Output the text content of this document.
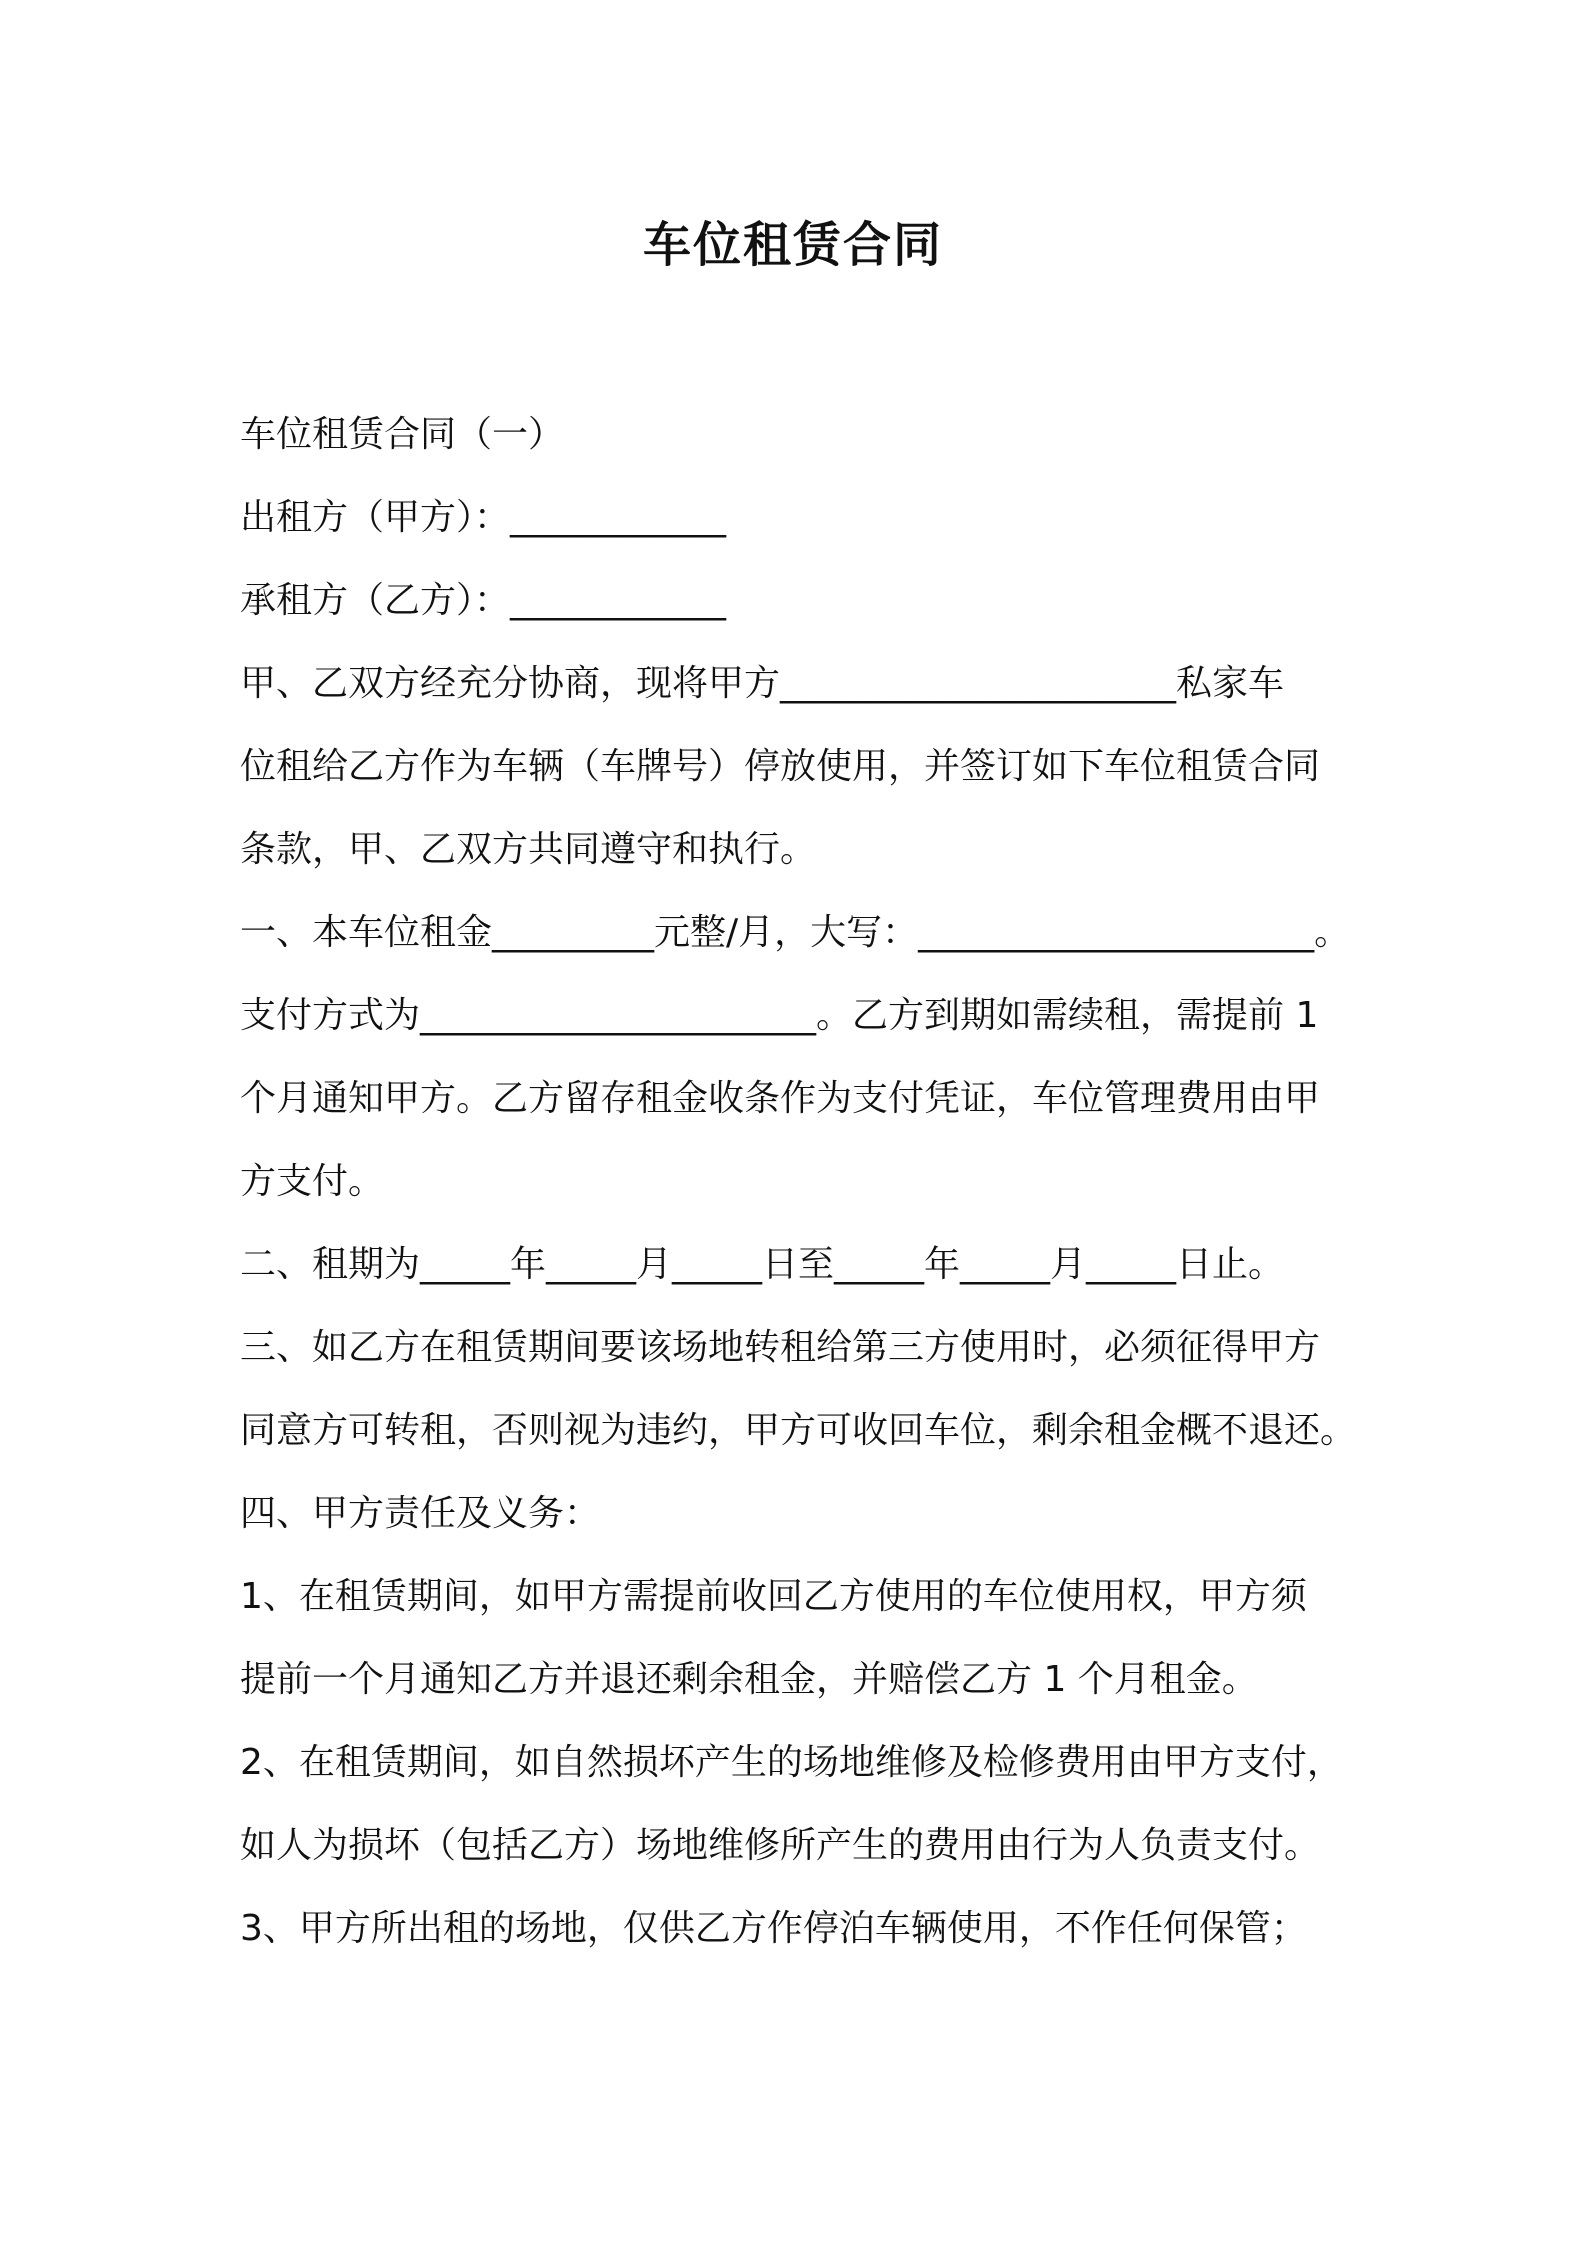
车位租赁合同
车位租赁合同（一）
出租方（甲方）：____________
承租方（乙方）：____________
甲、乙双方经充分协商，现将甲方______________________私家车
位租给乙方作为车辆（车牌号）停放使用，并签订如下车位租赁合同
条款，甲、乙双方共同遵守和执行。
一、本车位租金_________元整/月，大写：______________________。
支付方式为______________________。乙方到期如需续租，需提前 1
个月通知甲方。乙方留存租金收条作为支付凭证，车位管理费用由甲
方支付。
二、租期为_____年_____月_____日至_____年_____月_____日止。
三、如乙方在租赁期间要该场地转租给第三方使用时，必须征得甲方
同意方可转租，否则视为违约，甲方可收回车位，剩余租金概不退还。
四、甲方责任及义务：
1、在租赁期间，如甲方需提前收回乙方使用的车位使用权，甲方须
提前一个月通知乙方并退还剩余租金，并赔偿乙方 1 个月租金。
2、在租赁期间，如自然损坏产生的场地维修及检修费用由甲方支付，
如人为损坏（包括乙方）场地维修所产生的费用由行为人负责支付。
3、甲方所出租的场地，仅供乙方作停泊车辆使用，不作任何保管；
